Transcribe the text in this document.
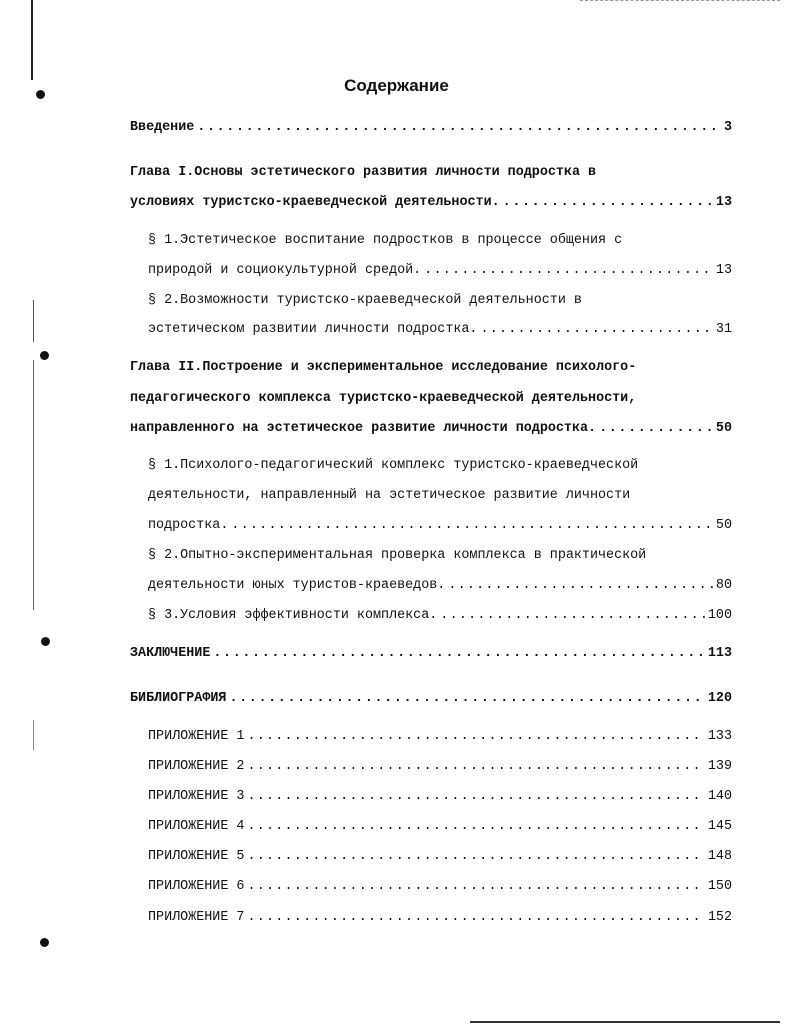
Содержание
Введение . . .	3
Глава I.Основы эстетического развития личности подростка в
условиях туристско-краеведческой деятельности. . . .	13
§ 1.Эстетическое воспитание подростков в процессе общения с
природой и социокультурной средой. . . .	13
§ 2.Возможности туристско-краеведческой деятельности в
эстетическом развитии личности подростка. . . .	31
Глава II.Построение и экспериментальное исследование психолого-
педагогического комплекса туристско-краеведческой деятельности,
направленного на эстетическое развитие личности подростка. . . .	50
§ 1.Психолого-педагогический комплекс туристско-краеведческой
деятельности, направленный на эстетическое развитие личности
подростка. . . .	50
§ 2.Опытно-экспериментальная проверка комплекса в практической
деятельности юных туристов-краеведов. . . .	80
§ 3.Условия эффективности комплекса. . . .	100
ЗАКЛЮЧЕНИЕ . . .	113
БИБЛИОГРАФИЯ . . .	120
ПРИЛОЖЕНИЕ 1 . . .	133
ПРИЛОЖЕНИЕ 2 . . .	139
ПРИЛОЖЕНИЕ 3 . . .	140
ПРИЛОЖЕНИЕ 4 . . .	145
ПРИЛОЖЕНИЕ 5 . . .	148
ПРИЛОЖЕНИЕ 6 . . .	150
ПРИЛОЖЕНИЕ 7 . . .	152
